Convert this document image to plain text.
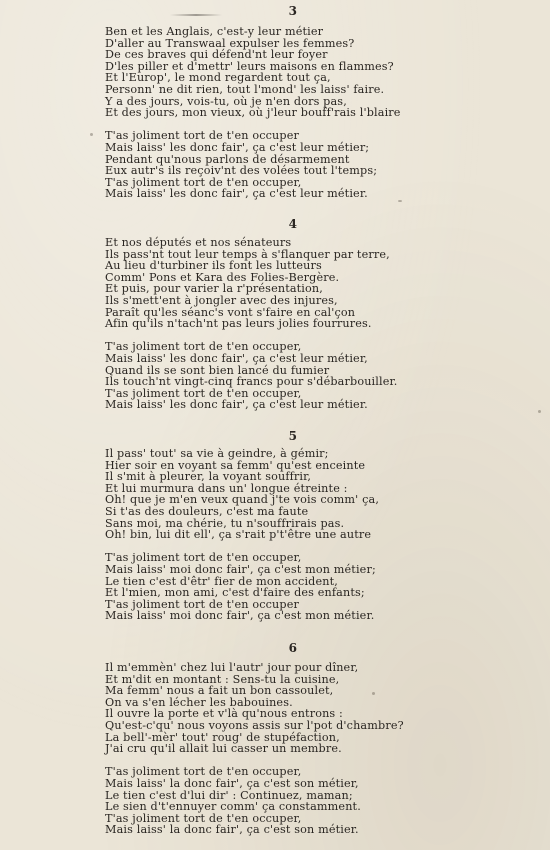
3
Ben et les Anglais, c'est-y leur métier
D'aller au Transwaal expulser les femmes?
De ces braves qui défend'nt leur foyer
D'les piller et d'mettr' leurs maisons en flammes?
Et l'Europ', le mond regardent tout ça,
Personn' ne dit rien, tout l'mond' les laiss' faire.
Y a des jours, vois-tu, où je n'en dors pas,
Et des jours, mon vieux, où j'leur bouff'rais l'blaire
T'as joliment tort de t'en occuper
Mais laiss' les donc fair', ça c'est leur métier;
Pendant qu'nous parlons de désarmement
Eux autr's ils reçoiv'nt des volées tout l'temps;
T'as joliment tort de t'en occuper,
Mais laiss' les donc fair', ça c'est leur métier.
4
Et nos députés et nos sénateurs
Ils pass'nt tout leur temps à s'flanquer par terre,
Au lieu d'turbiner ils font les lutteurs
Comm' Pons et Kara des Folies-Bergère.
Et puis, pour varier la r'présentation,
Ils s'mett'ent à jongler avec des injures,
Paraît qu'les séanc's vont s'faire en cal'çon
Afin qu'ils n'tach'nt pas leurs jolies fourrures.
T'as joliment tort de t'en occuper,
Mais laiss' les donc fair', ça c'est leur métier,
Quand ils se sont bien lancé du fumier
Ils touch'nt vingt-cinq francs pour s'débarbouiller.
T'as joliment tort de t'en occuper,
Mais laiss' les donc fair', ça c'est leur métier.
5
Il pass' tout' sa vie à geindre, à gémir;
Hier soir en voyant sa femm' qu'est enceinte
Il s'mit à pleurer, la voyant souffrir,
Et lui murmura dans un' longue étreinte :
Oh! que je m'en veux quand j'te vois comm' ça,
Si t'as des douleurs, c'est ma faute
Sans moi, ma chérie, tu n'souffrirais pas.
Oh! bin, lui dit ell', ça s'rait p't'être une autre
T'as joliment tort de t'en occuper,
Mais laiss' moi donc fair', ça c'est mon métier;
Le tien c'est d'êtr' fier de mon accident,
Et l'mien, mon ami, c'est d'faire des enfants;
T'as joliment tort de t'en occuper
Mais laiss' moi donc fair', ça c'est mon métier.
6
Il m'emmèn' chez lui l'autr' jour pour dîner,
Et m'dit en montant : Sens-tu la cuisine,
Ma femm' nous a fait un bon cassoulet,
On va s'en lécher les babouines.
Il ouvre la porte et v'là qu'nous entrons :
Qu'est-c'qu' nous voyons assis sur l'pot d'chambre?
La bell'-mèr' tout' roug' de stupéfaction,
J'ai cru qu'il allait lui casser un membre.
T'as joliment tort de t'en occuper,
Mais laiss' la donc fair', ça c'est son métier,
Le tien c'est d'lui dir' : Continuez, maman;
Le sien d't'ennuyer comm' ça constamment.
T'as joliment tort de t'en occuper,
Mais laiss' la donc fair', ça c'est son métier.
